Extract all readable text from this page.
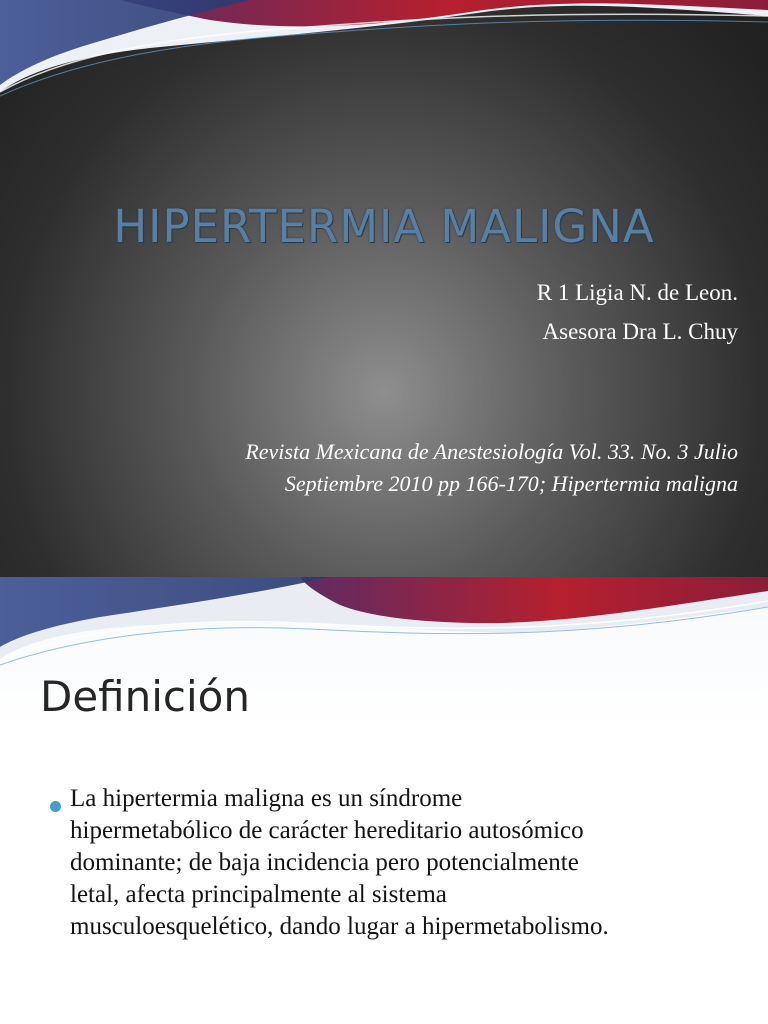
HIPERTERMIA MALIGNA
R 1 Ligia N. de Leon.
Asesora Dra L. Chuy
Revista Mexicana de Anestesiología Vol. 33. No. 3 Julio
Septiembre 2010 pp 166-170; Hipertermia maligna
Definición
La hipertermia maligna es un síndrome
hipermetabólico de carácter hereditario autosómico
dominante; de baja incidencia pero potencialmente
letal, afecta principalmente al sistema
musculoesquelético, dando lugar a hipermetabolismo.
